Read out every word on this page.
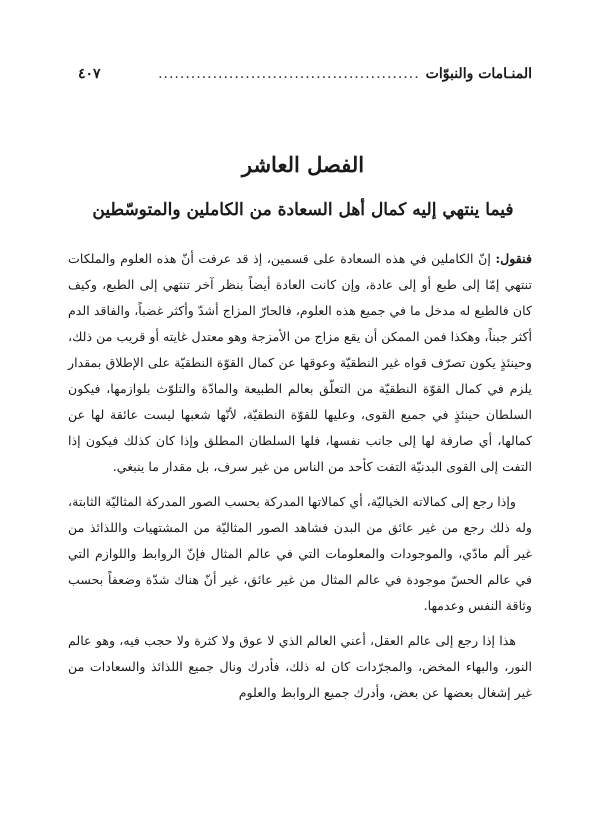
المنـامات والنبوّات
................................................
٤٠٧
الفصل العاشر
فيما ينتهي إليه كمال أهل السعادة من الكاملين والمتوسّطين

فنقول: إنّ الكاملين في هذه السعادة على قسمين، إذ قد عرفت أنّ هذه العلوم والملكات تنتهي إمّا إلى طبع أو إلى عادة، وإن كانت العادة أيضاً بنظر آخر تنتهي إلى الطبع، وكيف كان فالطبع له مدخل ما في جميع هذه العلوم، فالحارّ المزاج أشدّ وأكثر غضباً، والفاقد الدم أكثر جبناً، وهكذا فمن الممكن أن يقع مزاج من الأمزجة وهو معتدل غايته أو قريب من ذلك، وحينئذٍ يكون تصرّف قواه غير النطقيّة وعوقها عن كمال القوّة النطقيّة على الإطلاق بمقدار يلزم في كمال القوّة النطقيّة من التعلّق بعالم الطبيعة والمادّة والتلوّث بلوازمها، فيكون السلطان حينئذٍ في جميع القوى، وعليها للقوّة النطقيّة، لأنّها شعبها ليست عائقة لها عن كمالها، أي صارفة لها إلى جانب نفسها، فلها السلطان المطلق وإذا كان كذلك فيكون إذا التفت إلى القوى البدنيّة التفت كأحد من الناس من غير سرف، بل مقدار ما ينبغي.

وإذا رجع إلى كمالاته الخياليّة، أي كمالاتها المدركة بحسب الصور المدركة المثاليّة الثابتة، وله ذلك رجع من غير عائق من البدن فشاهد الصور المثاليّة من المشتهيات واللذائذ من غير ألم مادّي، والموجودات والمعلومات التي في عالم المثال فإنّ الروابط واللوازم التي في عالم الحسّ موجودة في عالم المثال من غير عائق، غير أنّ هناك شدّة وضعفاً بحسب وثاقة النفس وعدمها.

هذا إذا رجع إلى عالم العقل، أعني العالم الذي لا عوق ولا كثرة ولا حجب فيه، وهو عالم النور، والبهاء المخض، والمجرّدات كان له ذلك، فأدرك ونال جميع اللذائذ والسعادات من غير إشغال بعضها عن بعض، وأدرك جميع الروابط والعلوم
